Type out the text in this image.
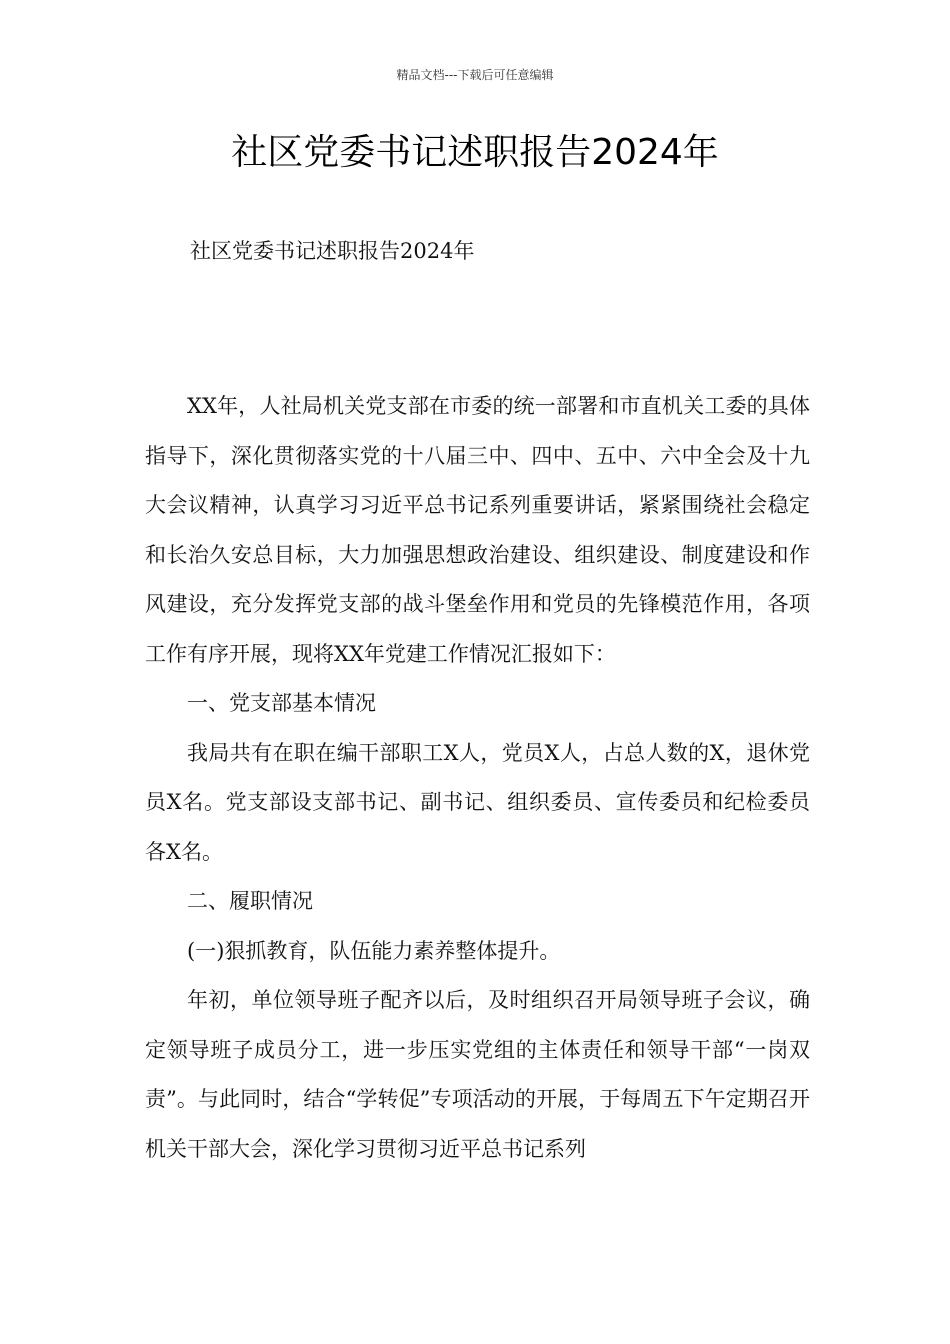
精品文档---下载后可任意编辑
社区党委书记述职报告2024年
社区党委书记述职报告2024年

XX年，人社局机关党支部在市委的统一部署和市直机关工委的具体指导下，深化贯彻落实党的十八届三中、四中、五中、六中全会及十九大会议精神，认真学习习近平总书记系列重要讲话，紧紧围绕社会稳定和长治久安总目标，大力加强思想政治建设、组织建设、制度建设和作风建设，充分发挥党支部的战斗堡垒作用和党员的先锋模范作用，各项工作有序开展，现将XX年党建工作情况汇报如下：

一、党支部基本情况

我局共有在职在编干部职工X人，党员X人，占总人数的X，退休党员X名。党支部设支部书记、副书记、组织委员、宣传委员和纪检委员各X名。

二、履职情况

(一)狠抓教育，队伍能力素养整体提升。

年初，单位领导班子配齐以后，及时组织召开局领导班子会议，确定领导班子成员分工，进一步压实党组的主体责任和领导干部“一岗双责”。与此同时，结合“学转促”专项活动的开展，于每周五下午定期召开机关干部大会，深化学习贯彻习近平总书记系列
